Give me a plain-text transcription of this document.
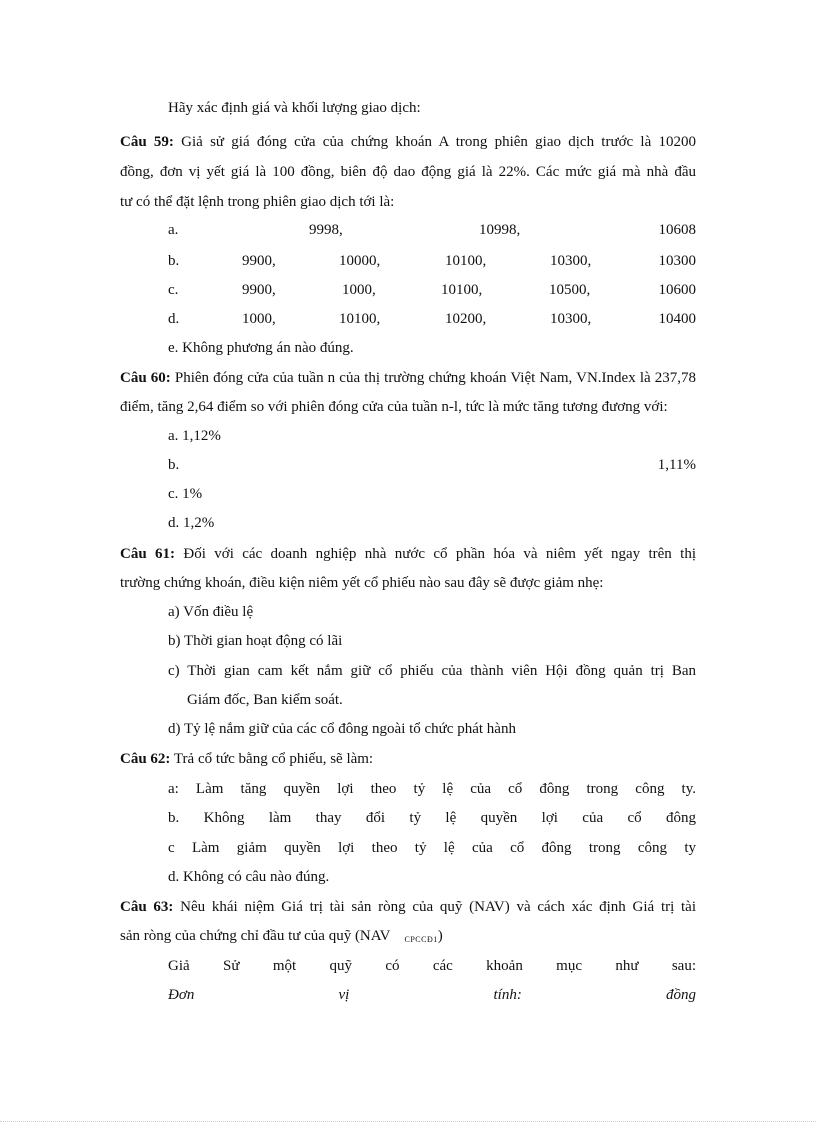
Hãy xác định giá và khối lượng giao dịch:
Câu 59: Giả sử giá đóng cửa của chứng khoán A trong phiên giao dịch trước là 10200
đồng, đơn vị yết giá là 100 đồng, biên độ dao động giá là 22%. Các mức giá mà nhà đầu
tư có thể đặt lệnh trong phiên giao dịch tới là:
a.	9998,	10998,	10608
b.	9900,	10000,	10100,	10300,	10300
c.	9900,	1000,	10100,	10500,	10600
d.	1000,	10100,	10200,	10300,	10400
e. Không phương án nào đúng.
Câu 60: Phiên đóng cửa của tuần n của thị trường chứng khoán Việt Nam, VN.Index là 237,78
điểm, tăng 2,64 điểm so với phiên đóng cửa của tuần n-l, tức là mức tăng tương đương với:
a. 1,12%
b.	1,11%
c. 1%
d. 1,2%
Câu 61: Đối với các doanh nghiệp nhà nước cổ phần hóa và niêm yết ngay trên thị
trường chứng khoán, điều kiện niêm yết cổ phiếu nào sau đây sẽ được giảm nhẹ:
a) Vốn điều lệ
b) Thời gian hoạt động có lãi
c) Thời gian cam kết nắm giữ cổ phiếu của thành viên Hội đồng quản trị Ban
Giám đốc, Ban kiểm soát.
d) Tỷ lệ nắm giữ của các cổ đông ngoài tổ chức phát hành
Câu 62: Trả cổ tức bằng cổ phiếu, sẽ làm:
a: Làm tăng quyền lợi theo tỷ lệ của cổ đông trong công ty.
b. Không làm thay đổi tỷ lệ quyền lợi của cổ đông
c Làm giảm quyền lợi theo tỷ lệ của cổ đông trong công ty
d. Không có câu nào đúng.
Câu 63: Nêu khái niệm Giá trị tài sản ròng của quỹ (NAV) và cách xác định Giá trị tài
sản ròng của chứng chỉ đầu tư của quỹ (NAV $_{CPCCĐ1}$)
Giả Sử một quỹ có các khoản mục như sau:
Đơn vị tính: đồng
